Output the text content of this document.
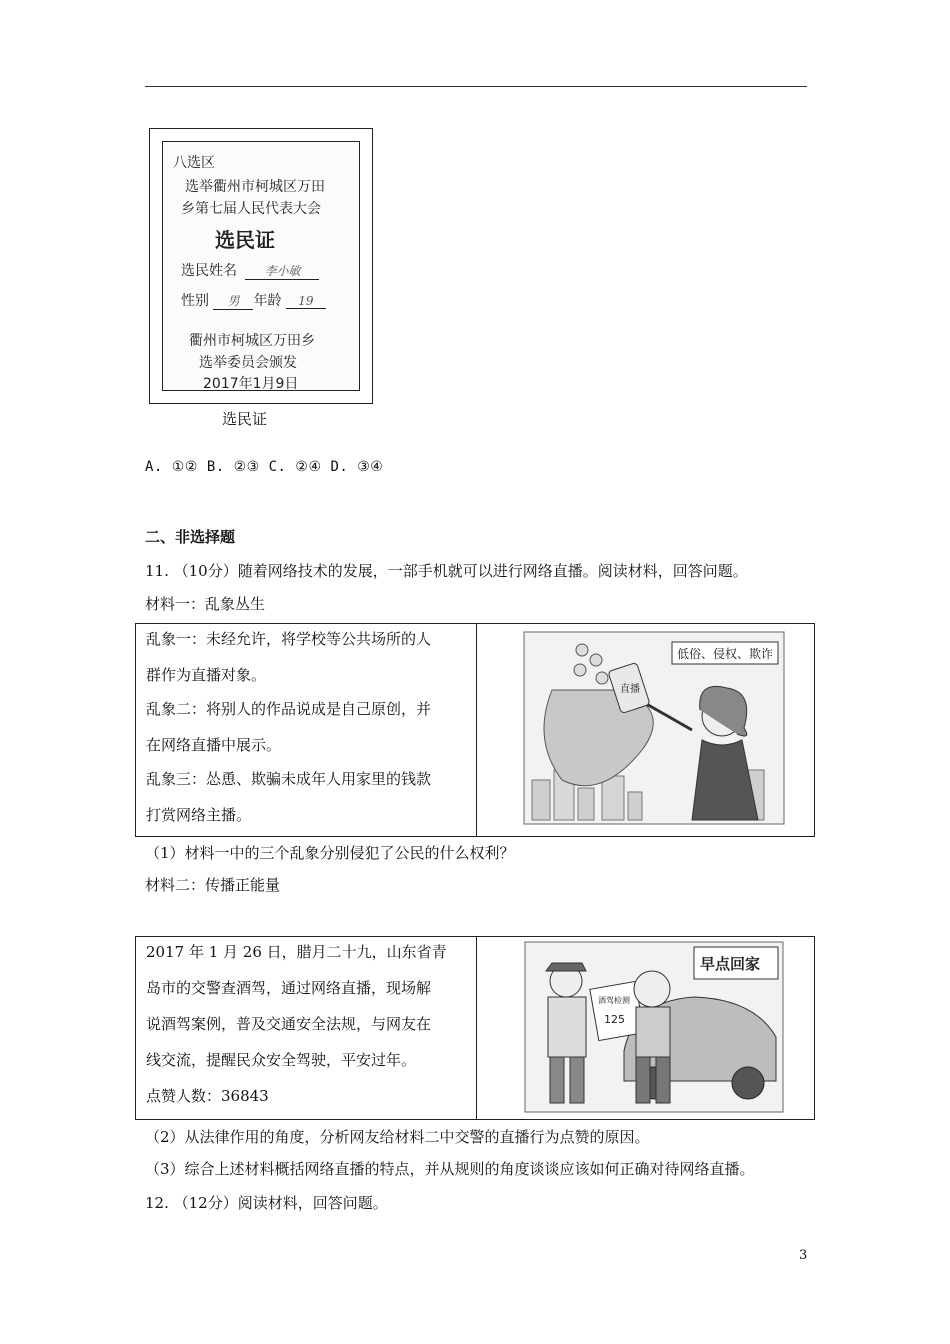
八选区
选举衢州市柯城区万田
乡第七届人民代表大会
选民证
选民姓名 李小敏
性别 男 年龄 19
衢州市柯城区万田乡
选举委员会颁发
2017年1月9日
选民证
A. ①② B. ②③ C. ②④ D. ③④
二、非选择题
11. （10分）随着网络技术的发展，一部手机就可以进行网络直播。阅读材料，回答问题。
材料一：乱象丛生
乱象一：未经允许，将学校等公共场所的人
群作为直播对象。
乱象二：将别人的作品说成是自己原创，并
在网络直播中展示。
乱象三：怂恿、欺骗未成年人用家里的钱款
打赏网络主播。
直播
低俗、侵权、欺诈
（1）材料一中的三个乱象分别侵犯了公民的什么权利？
材料二：传播正能量
2017 年 1 月 26 日，腊月二十九，山东省青
岛市的交警查酒驾，通过网络直播，现场解
说酒驾案例，普及交通安全法规，与网友在
线交流，提醒民众安全驾驶，平安过年。
点赞人数：36843
早点回家
酒驾检测
125
（2）从法律作用的角度，分析网友给材料二中交警的直播行为点赞的原因。
（3）综合上述材料概括网络直播的特点，并从规则的角度谈谈应该如何正确对待网络直播。
12. （12分）阅读材料，回答问题。
3
